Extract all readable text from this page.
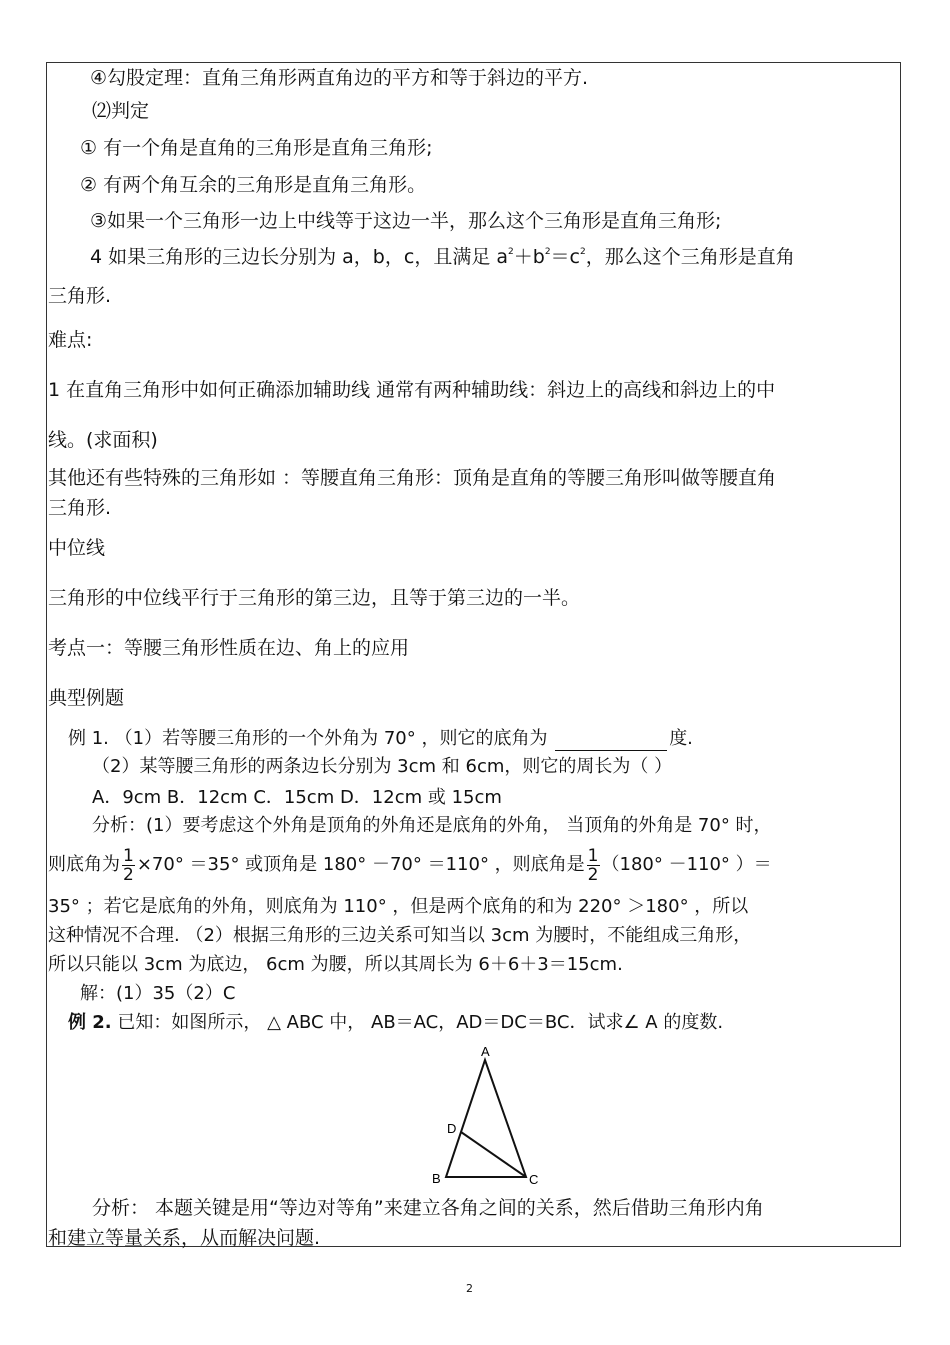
④勾股定理：直角三角形两直角边的平方和等于斜边的平方.
⑵判定
① 有一个角是直角的三角形是直角三角形;
② 有两个角互余的三角形是直角三角形。
③如果一个三角形一边上中线等于这边一半，那么这个三角形是直角三角形;
4 如果三角形的三边长分别为 a，b，c，且满足 $a^2+b^2=c^2$，那么这个三角形是直角
三角形.
难点:
1 在直角三角形中如何正确添加辅助线 通常有两种辅助线：斜边上的高线和斜边上的中
线。(求面积)
其他还有些特殊的三角形如 ：等腰直角三角形：顶角是直角的等腰三角形叫做等腰直角
三角形.
中位线
三角形的中位线平行于三角形的第三边，且等于第三边的一半。
考点一：等腰三角形性质在边、角上的应用
典型例题
例 1. （1）若等腰三角形的一个外角为 70° ，则它的底角为	度.
（2）某等腰三角形的两条边长分别为 3cm 和 6cm，则它的周长为（ ）
A．9cm B．12cm C．15cm D．12cm 或 15cm
分析：(1）要考虑这个外角是顶角的外角还是底角的外角， 当顶角的外角是 70° 时，
则底角为 $\frac{1}{2} \times 70^\circ =35^\circ$ 或顶角是 180° －70° ＝110° ，则底角是 $\frac{1}{2} (180^\circ -110^\circ$ ）＝
35° ；若它是底角的外角，则底角为 110° ，但是两个底角的和为 220° ＞180° ，所以
这种情况不合理. （2）根据三角形的三边关系可知当以 3cm 为腰时，不能组成三角形，
所以只能以 3cm 为底边， 6cm 为腰，所以其周长为 6＋6＋3＝15cm.
解：(1）35（2）C
例 2. 已知：如图所示， △ ABC 中， AB＝AC，AD＝DC＝BC．试求∠ A 的度数.
A
D
B	C
分析： 本题关键是用“等边对等角”来建立各角之间的关系，然后借助三角形内角
和建立等量关系，从而解决问题.
2
